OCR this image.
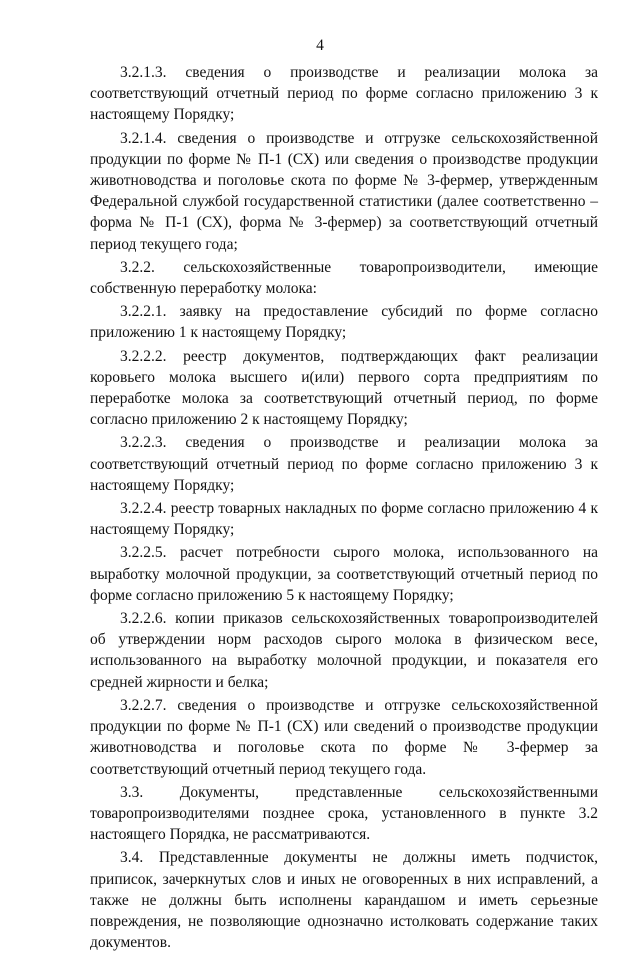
4

3.2.1.3. сведения о производстве и реализации молока за соответствующий отчетный период по форме согласно приложению 3 к настоящему Порядку;

3.2.1.4. сведения о производстве и отгрузке сельскохозяйственной продукции по форме № П-1 (СХ) или сведения о производстве продукции животноводства и поголовье скота по форме № 3-фермер, утвержденным Федеральной службой государственной статистики (далее соответственно – форма № П-1 (СХ), форма № 3-фермер) за соответствующий отчетный период текущего года;

3.2.2. сельскохозяйственные товаропроизводители, имеющие собственную переработку молока:

3.2.2.1. заявку на предоставление субсидий по форме согласно приложению 1 к настоящему Порядку;

3.2.2.2. реестр документов, подтверждающих факт реализации коровьего молока высшего и(или) первого сорта предприятиям по переработке молока за соответствующий отчетный период, по форме согласно приложению 2 к настоящему Порядку;

3.2.2.3. сведения о производстве и реализации молока за соответствующий отчетный период по форме согласно приложению 3 к настоящему Порядку;

3.2.2.4. реестр товарных накладных по форме согласно приложению 4 к настоящему Порядку;

3.2.2.5. расчет потребности сырого молока, использованного на выработку молочной продукции, за соответствующий отчетный период по форме согласно приложению 5 к настоящему Порядку;

3.2.2.6. копии приказов сельскохозяйственных товаропроизводителей об утверждении норм расходов сырого молока в физическом весе, использованного на выработку молочной продукции, и показателя его средней жирности и белка;

3.2.2.7. сведения о производстве и отгрузке сельскохозяйственной продукции по форме № П-1 (СХ) или сведений о производстве продукции животноводства и поголовье скота по форме № 3-фермер за соответствующий отчетный период текущего года.

3.3. Документы, представленные сельскохозяйственными товаропроизводителями позднее срока, установленного в пункте 3.2 настоящего Порядка, не рассматриваются.

3.4. Представленные документы не должны иметь подчисток, приписок, зачеркнутых слов и иных не оговоренных в них исправлений, а также не должны быть исполнены карандашом и иметь серьезные повреждения, не позволяющие однозначно истолковать содержание таких документов.
